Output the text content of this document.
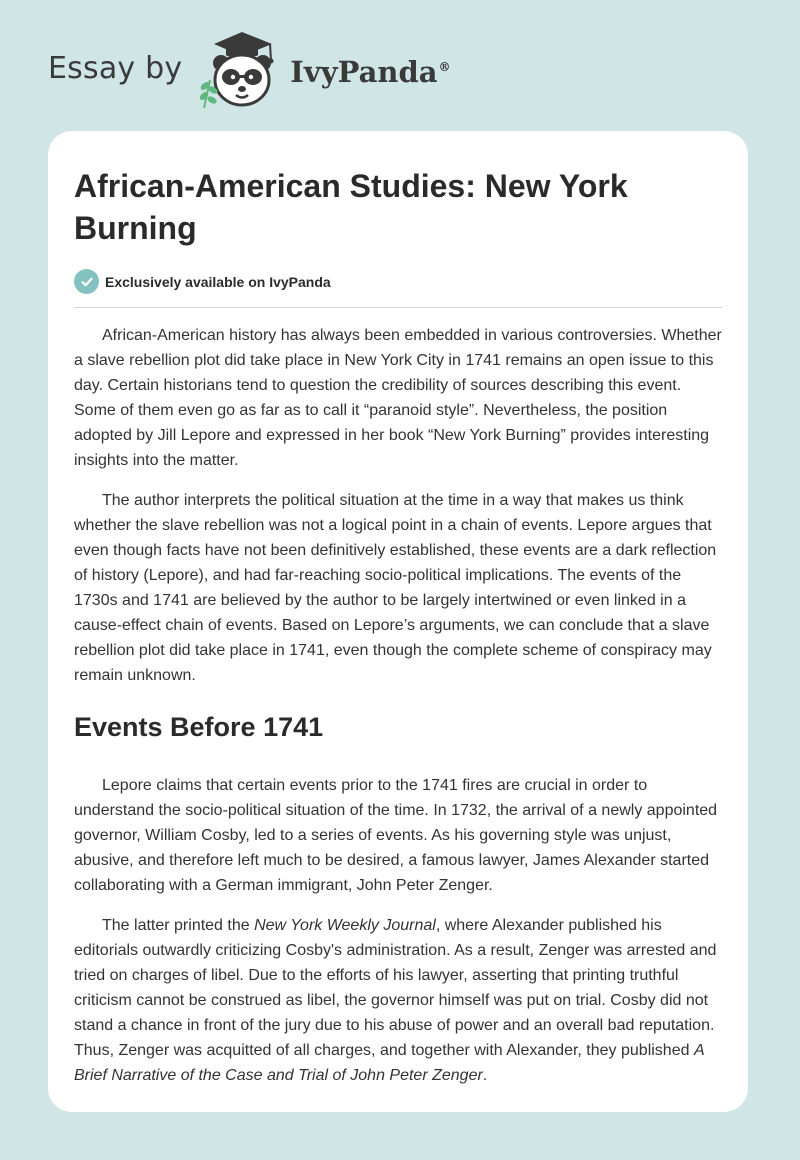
Essay by	IvyPanda®
African-American Studies: New York Burning
Exclusively available on IvyPanda

African-American history has always been embedded in various controversies. Whether a slave rebellion plot did take place in New York City in 1741 remains an open issue to this day. Certain historians tend to question the credibility of sources describing this event. Some of them even go as far as to call it “paranoid style”. Nevertheless, the position adopted by Jill Lepore and expressed in her book “New York Burning” provides interesting insights into the matter.

The author interprets the political situation at the time in a way that makes us think whether the slave rebellion was not a logical point in a chain of events. Lepore argues that even though facts have not been definitively established, these events are a dark reflection of history (Lepore), and had far-reaching socio-political implications. The events of the 1730s and 1741 are believed by the author to be largely intertwined or even linked in a cause-effect chain of events. Based on Lepore’s arguments, we can conclude that a slave rebellion plot did take place in 1741, even though the complete scheme of conspiracy may remain unknown.

Events Before 1741

Lepore claims that certain events prior to the 1741 fires are crucial in order to understand the socio-political situation of the time. In 1732, the arrival of a newly appointed governor, William Cosby, led to a series of events. As his governing style was unjust, abusive, and therefore left much to be desired, a famous lawyer, James Alexander started collaborating with a German immigrant, John Peter Zenger.

The latter printed the New York Weekly Journal, where Alexander published his editorials outwardly criticizing Cosby's administration. As a result, Zenger was arrested and tried on charges of libel. Due to the efforts of his lawyer, asserting that printing truthful criticism cannot be construed as libel, the governor himself was put on trial. Cosby did not stand a chance in front of the jury due to his abuse of power and an overall bad reputation. Thus, Zenger was acquitted of all charges, and together with Alexander, they published A Brief Narrative of the Case and Trial of John Peter Zenger.
